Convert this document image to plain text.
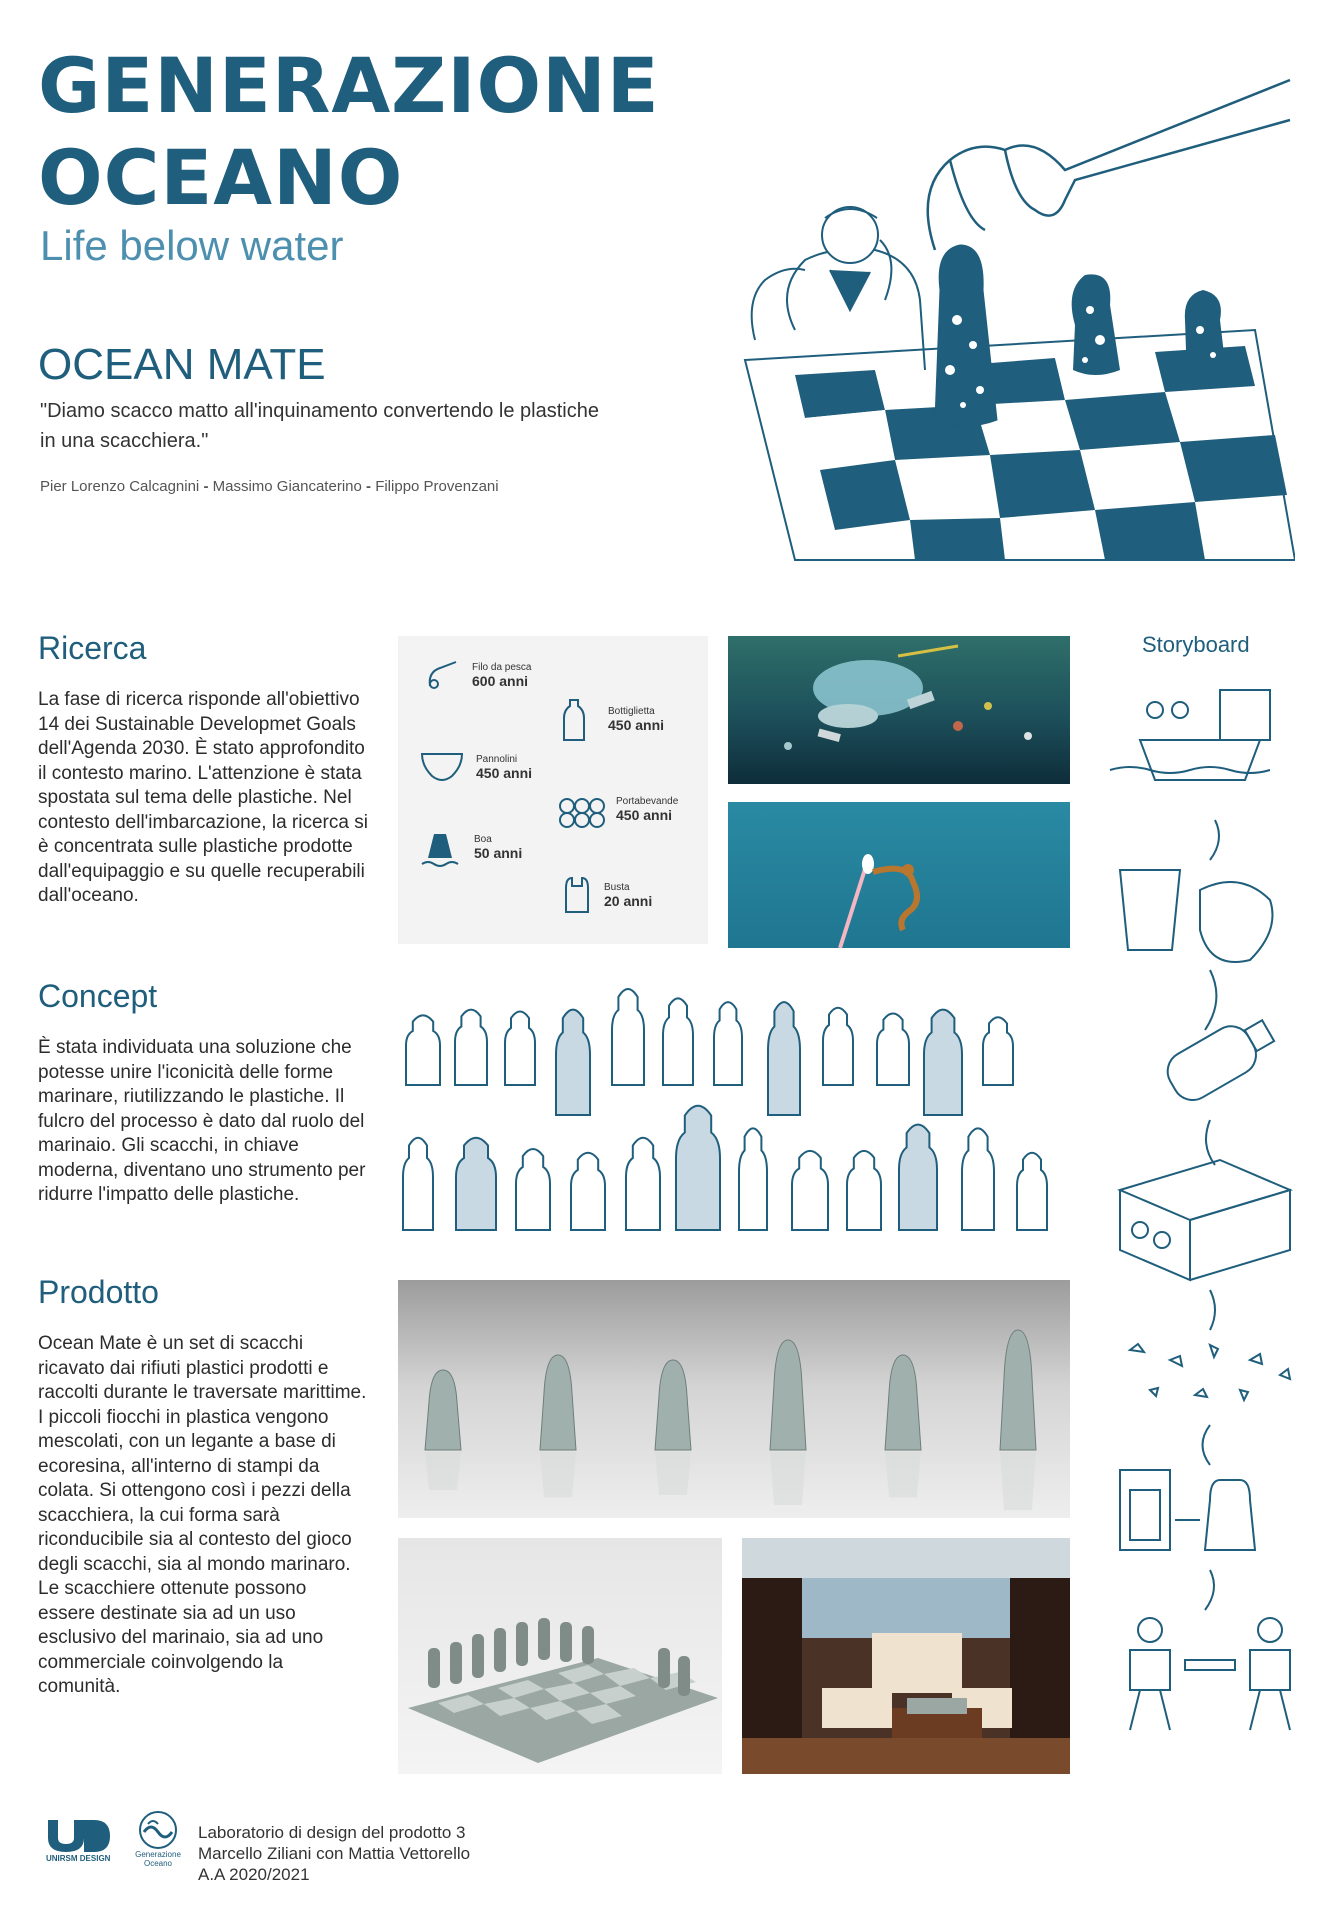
GENERAZIONE
OCEANO
Life below water
OCEAN MATE
"Diamo scacco matto all'inquinamento convertendo le plastiche
in una scacchiera."
Pier Lorenzo Calcagnini - Massimo Giancaterino - Filippo Provenzani
Ricerca
La fase di ricerca risponde all'obiettivo 14 dei Sustainable Developmet Goals dell'Agenda 2030. È stato approfondito il contesto marino. L'attenzione è stata spostata sul tema delle plastiche. Nel contesto dell'imbarcazione, la ricerca si è concentrata sulle plastiche prodotte dall'equipaggio e su quelle recuperabili dall'oceano.
Filo da pesca
600 anni
Bottiglietta
450 anni
Pannolini
450 anni
Portabevande
450 anni
Boa
50 anni
Busta
20 anni
Concept
È stata individuata una soluzione che potesse unire l'iconicità delle forme marinare, riutilizzando le plastiche. Il fulcro del processo è dato dal ruolo del marinaio. Gli scacchi, in chiave moderna, diventano uno strumento per ridurre l'impatto delle plastiche.
Prodotto
Ocean Mate è un set di scacchi ricavato dai rifiuti plastici prodotti e raccolti durante le traversate marittime. I piccoli fiocchi in plastica vengono mescolati, con un legante a base di ecoresina, all'interno di stampi da colata. Si ottengono così i pezzi della scacchiera, la cui forma sarà riconducibile sia al contesto del gioco degli scacchi, sia al mondo marinaro. Le scacchiere ottenute possono essere destinate sia ad un uso esclusivo del marinaio, sia ad uno commerciale coinvolgendo la comunità.
Storyboard
UNIRSM DESIGN	Generazione
Oceano
Laboratorio di design del prodotto 3
Marcello Ziliani con Mattia Vettorello
A.A 2020/2021
